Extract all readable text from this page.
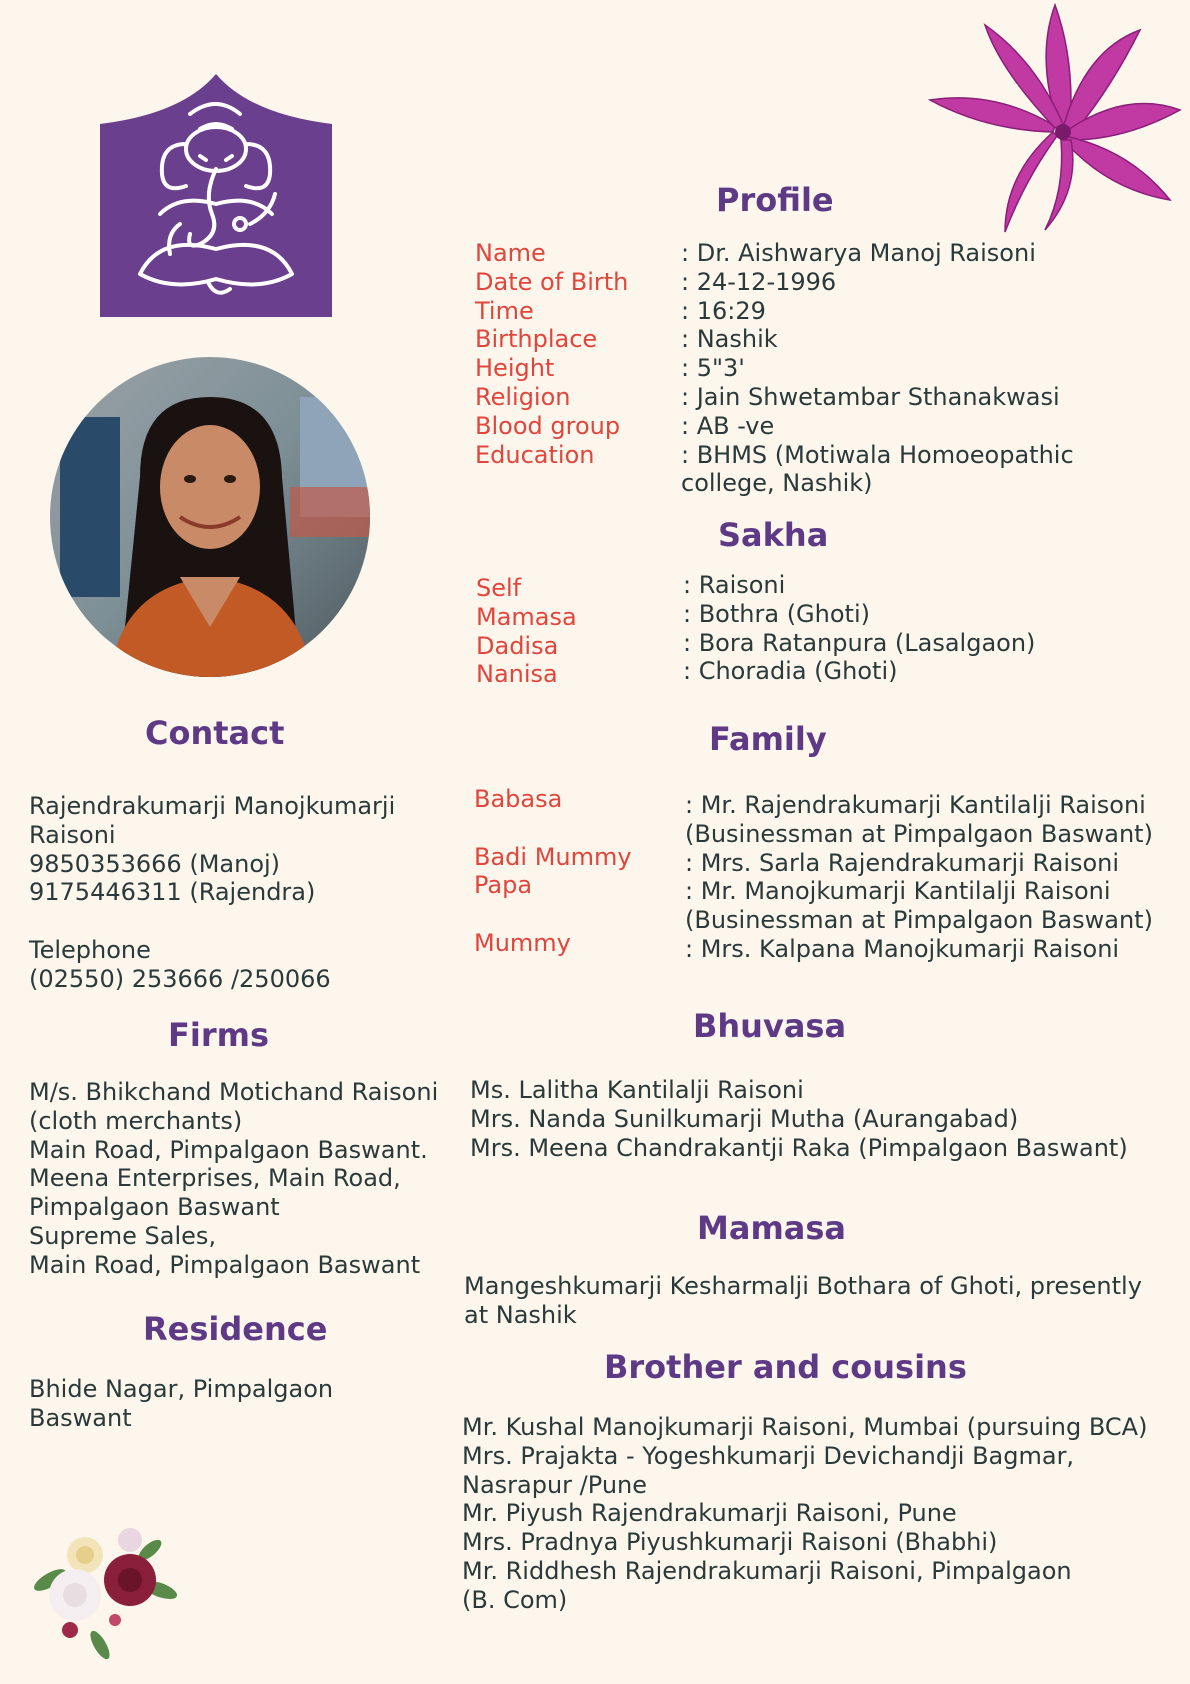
Profile
Name
Date of Birth
Time
Birthplace
Height
Religion
Blood group
Education
: Dr. Aishwarya Manoj Raisoni
: 24-12-1996
: 16:29
: Nashik
: 5"3'
: Jain Shwetambar Sthanakwasi
: AB -ve
: BHMS (Motiwala Homoeopathic
college, Nashik)
Sakha
Self
Mamasa
Dadisa
Nanisa
: Raisoni
: Bothra (Ghoti)
: Bora Ratanpura (Lasalgaon)
: Choradia (Ghoti)
Family
Babasa

Badi Mummy
Papa

Mummy
: Mr. Rajendrakumarji Kantilalji Raisoni
(Businessman at Pimpalgaon Baswant)
: Mrs. Sarla Rajendrakumarji Raisoni
: Mr. Manojkumarji Kantilalji Raisoni
(Businessman at Pimpalgaon Baswant)
: Mrs. Kalpana Manojkumarji Raisoni
Bhuvasa
Ms. Lalitha Kantilalji Raisoni
Mrs. Nanda Sunilkumarji Mutha (Aurangabad)
Mrs. Meena Chandrakantji Raka (Pimpalgaon Baswant)
Mamasa
Mangeshkumarji Kesharmalji Bothara of Ghoti, presently
at Nashik
Brother and cousins
Mr. Kushal Manojkumarji Raisoni, Mumbai (pursuing BCA)
Mrs. Prajakta - Yogeshkumarji Devichandji Bagmar,
Nasrapur /Pune
Mr. Piyush Rajendrakumarji Raisoni, Pune
Mrs. Pradnya Piyushkumarji Raisoni (Bhabhi)
Mr. Riddhesh Rajendrakumarji Raisoni, Pimpalgaon
(B. Com)
Contact
Rajendrakumarji Manojkumarji
Raisoni
9850353666 (Manoj)
9175446311 (Rajendra)

Telephone
(02550) 253666 /250066
Firms
M/s. Bhikchand Motichand Raisoni
(cloth merchants)
Main Road, Pimpalgaon Baswant.
Meena Enterprises, Main Road,
Pimpalgaon Baswant
Supreme Sales,
Main Road, Pimpalgaon Baswant
Residence
Bhide Nagar, Pimpalgaon
Baswant
